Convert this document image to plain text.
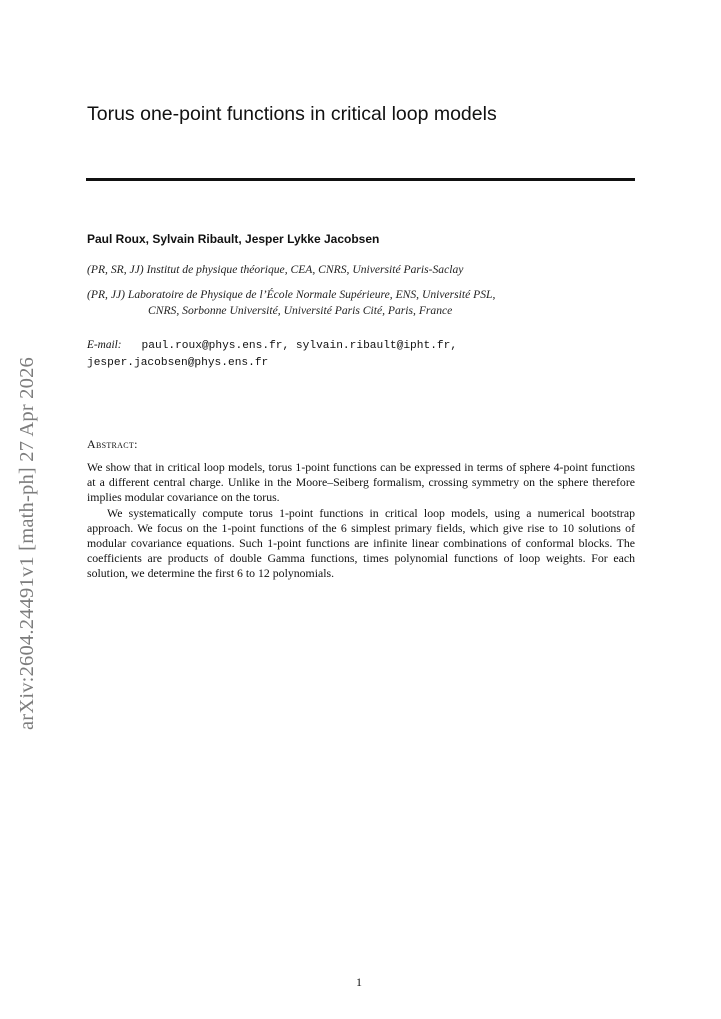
arXiv:2604.24491v1 [math-ph] 27 Apr 2026
Torus one-point functions in critical loop models
Paul Roux, Sylvain Ribault, Jesper Lykke Jacobsen
(PR, SR, JJ) Institut de physique théorique, CEA, CNRS, Université Paris-Saclay
(PR, JJ) Laboratoire de Physique de l’École Normale Supérieure, ENS, Université PSL,
CNRS, Sorbonne Université, Université Paris Cité, Paris, France
E-mail: paul.roux@phys.ens.fr, sylvain.ribault@ipht.fr,
jesper.jacobsen@phys.ens.fr
Abstract:

We show that in critical loop models, torus 1-point functions can be expressed in terms of sphere 4-point functions at a different central charge. Unlike in the Moore–Seiberg formalism, crossing symmetry on the sphere therefore implies modular covariance on the torus.

We systematically compute torus 1-point functions in critical loop models, using a numerical bootstrap approach. We focus on the 1-point functions of the 6 simplest primary fields, which give rise to 10 solutions of modular covariance equations. Such 1-point functions are infinite linear combinations of conformal blocks. The coefficients are products of double Gamma functions, times polynomial functions of loop weights. For each solution, we determine the first 6 to 12 polynomials.

1
